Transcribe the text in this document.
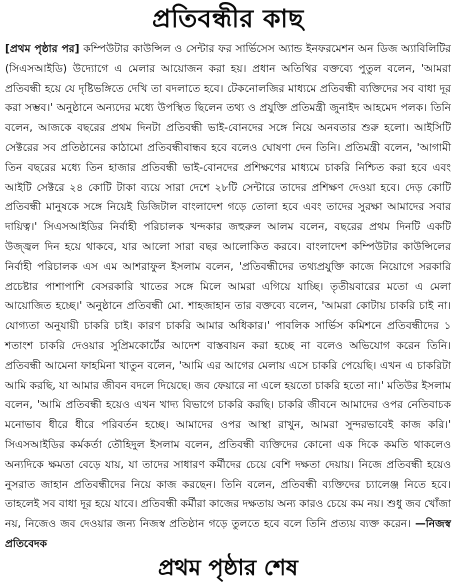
প্রতিবন্ধীর কাছ

[প্রথম পৃষ্ঠার পর] কম্পিউটার কাউন্সিল ও সেন্টার ফর সার্ভিসেস অ্যান্ড ইনফরমেশন অন ডিজ অ্যাবিলিটির (সিএসআইডি) উদ্যোগে এ মেলার আয়োজন করা হয়। প্রধান অতিথির বক্তব্যে পুতুল বলেন, 'আমরা প্রতিবন্ধী হয়ে যে দৃষ্টিভঙ্গিতে দেখি তা বদলাতে হবে। টেকনোলজির মাধ্যমে প্রতিবন্ধী ব্যক্তিদের সব বাধা দূর করা সম্ভব।' অনুষ্ঠানে অন্যদের মধ্যে উপস্থিত ছিলেন তথ্য ও প্রযুক্তি প্রতিমন্ত্রী জুনাইদ আহমেদ পলক। তিনি বলেন, আজকে বছরের প্রথম দিনটা প্রতিবন্ধী ভাই-বোনদের সঙ্গে নিয়ে অনবতার শুরু হলো। আইসিটি সেক্টরের সব প্রতিষ্ঠানের কাঠামো প্রতিবন্ধীবান্ধব হবে বলেও ঘোষণা দেন তিনি। প্রতিমন্ত্রী বলেন, 'আগামী তিন বছরের মধ্যে তিন হাজার প্রতিবন্ধী ভাই-বোনদের প্রশিক্ষণের মাধ্যমে চাকরি নিশ্চিত করা হবে এবং আইটি সেক্টরে ২৪ কোটি টাকা ব্যয়ে সারা দেশে ২৮টি সেন্টারে তাদের প্রশিক্ষণ দেওয়া হবে। দেড় কোটি প্রতিবন্ধী মানুষকে সঙ্গে নিয়েই ডিজিটাল বাংলাদেশ গড়ে তোলা হবে এবং তাদের সুরক্ষা আমাদের সবার দায়িত্ব।' সিএসআইডির নির্বাহী পরিচালক খন্দকার জহুরুল আলম বলেন, বছরের প্রথম দিনটি একটি উজ্জ্বল দিন হয়ে থাকবে, যার আলো সারা বছর আলোকিত করবে। বাংলাদেশ কম্পিউটার কাউন্সিলের নির্বাহী পরিচালক এস এম আশরাফুল ইসলাম বলেন, 'প্রতিবন্ধীদের তথ্যপ্রযুক্তি কাজে নিয়োগে সরকারি প্রচেষ্টার পাশাপাশি বেসরকারি খাতের সঙ্গে মিলে আমরা এগিয়ে যাচ্ছি। তৃতীয়বারের মতো এ মেলা আয়োজিত হচ্ছে।' অনুষ্ঠানে প্রতিবন্ধী মো. শাহজাহান তার বক্তব্যে বলেন, 'আমরা কোটায় চাকরি চাই না। যোগ্যতা অনুযায়ী চাকরি চাই। কারণ চাকরি আমার অধিকার।' পাবলিক সার্ভিস কমিশনে প্রতিবন্ধীদের ১ শতাংশ চাকরি দেওয়ার সুপ্রিমকোর্টের আদেশ বাস্তবায়ন করা হচ্ছে না বলেও অভিযোগ করেন তিনি। প্রতিবন্ধী আমেনা ফাহমিনা খাতুন বলেন, 'আমি এর আগের মেলায় এসে চাকরি পেয়েছি। এখন এ চাকরিটা আমি করছি, যা আমার জীবন বদলে দিয়েছে। জব ফেয়ারে না এলে হয়তো চাকরি হতো না।' মতিউর ইসলাম বলেন, 'আমি প্রতিবন্ধী হয়েও এখন খাদ্য বিভাগে চাকরি করছি। চাকরি জীবনে আমাদের ওপর নেতিবাচক মনোভাব ধীরে ধীরে পরিবর্তন হচ্ছে। আমাদের ওপর আস্থা রাখুন, আমরা সুন্দরভাবেই কাজ করি।' সিএসআইডির কর্মকর্তা তৌহিদুল ইসলাম বলেন, প্রতিবন্ধী ব্যক্তিদের কোনো এক দিকে কমতি থাকলেও অন্যদিকে ক্ষমতা বেড়ে যায়, যা তাদের সাধারণ কর্মীদের চেয়ে বেশি দক্ষতা দেয়ায়। নিজে প্রতিবন্ধী হয়েও নুসরাত জাহান প্রতিবন্ধীদের নিয়ে কাজ করছেন। তিনি বলেন, প্রতিবন্ধী ব্যক্তিদের চ্যালেঞ্জ নিতে হবে। তাহলেই সব বাধা দূর হয়ে যাবে। প্রতিবন্ধী কর্মীরা কাজের দক্ষতায় অন্য কারও চেয়ে কম নয়। শুধু জব খোঁজা নয়, নিজেও জব দেওয়ার জন্য নিজস্ব প্রতিষ্ঠান গড়ে তুলতে হবে বলে তিনি প্রত্যয় ব্যক্ত করেন। —নিজস্ব প্রতিবেদক

প্রথম পৃষ্ঠার শেষ
